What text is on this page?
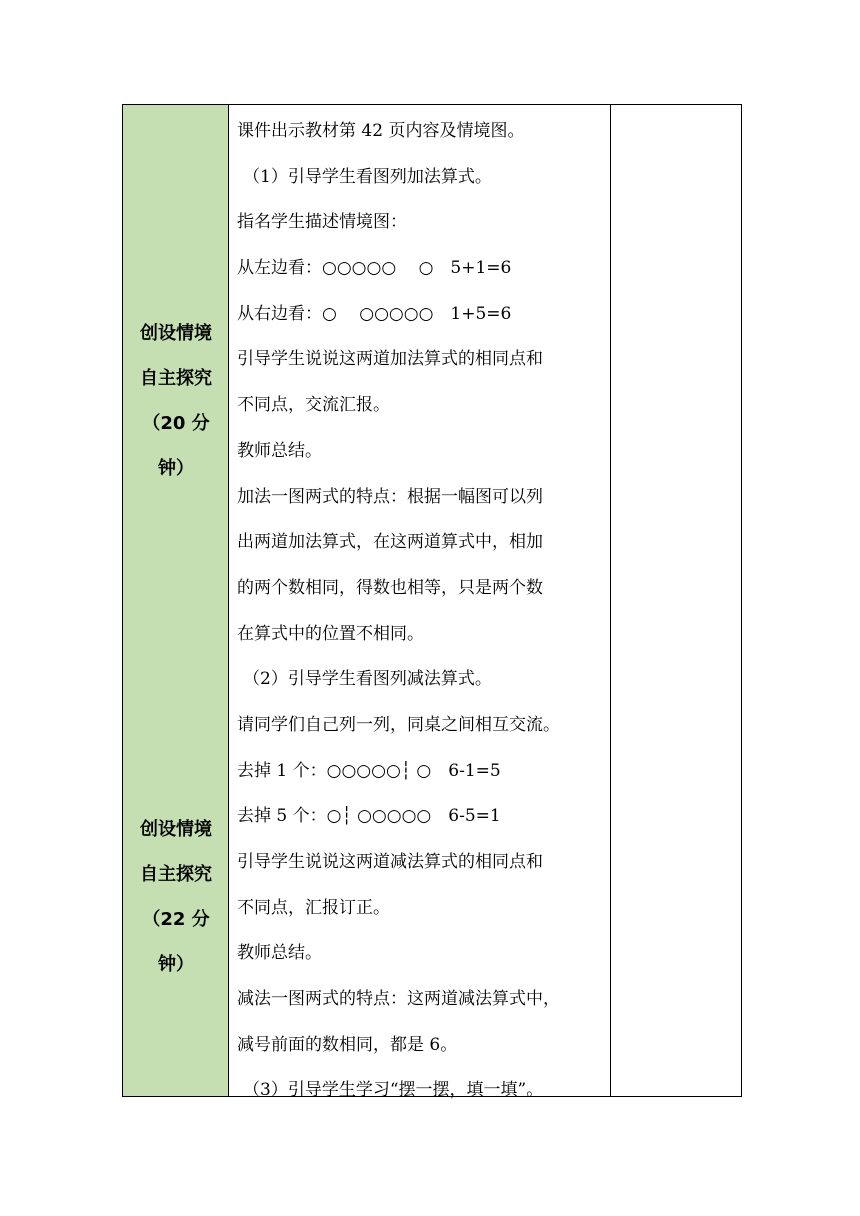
创设情境
自主探究
（20 分
钟）
创设情境
自主探究
（22 分
钟）
课件出示教材第 42 页内容及情境图。
（1）引导学生看图列加法算式。
指名学生描述情境图：
从左边看：○○○○○　 ○　5+1=6
从右边看：○　 ○○○○○　1+5=6
引导学生说说这两道加法算式的相同点和
不同点，交流汇报。
教师总结。
加法一图两式的特点：根据一幅图可以列
出两道加法算式，在这两道算式中，相加
的两个数相同，得数也相等，只是两个数
在算式中的位置不相同。
（2）引导学生看图列减法算式。
请同学们自己列一列，同桌之间相互交流。
去掉 1 个：○○○○○┆ ○　6-1=5
去掉 5 个：○┆ ○○○○○　6-5=1
引导学生说说这两道减法算式的相同点和
不同点，汇报订正。
教师总结。
减法一图两式的特点：这两道减法算式中，
减号前面的数相同，都是 6。
（3）引导学生学习“摆一摆，填一填”。
